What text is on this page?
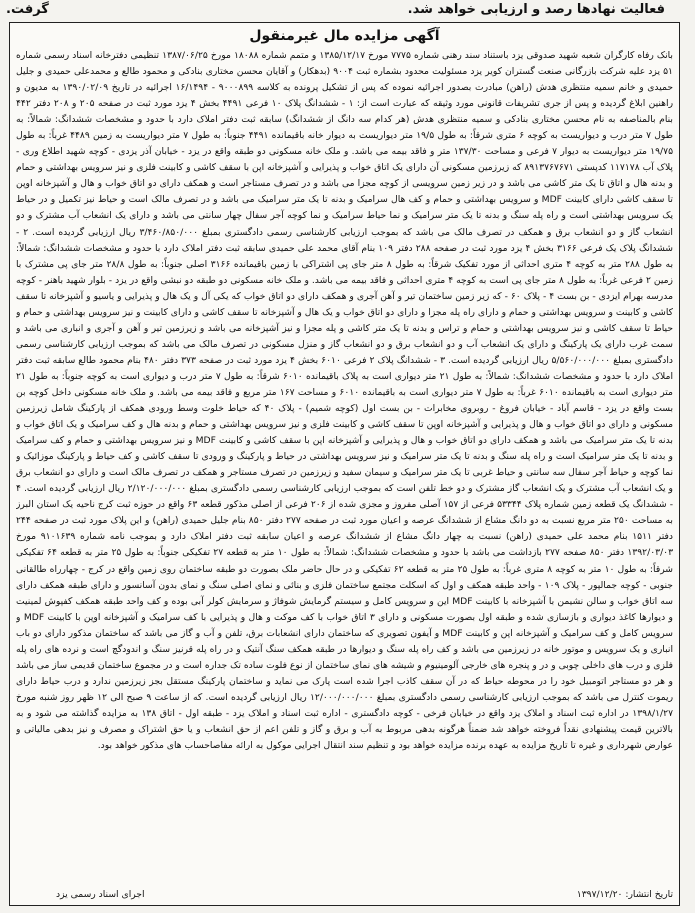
فعالیت نهادها رصد و ارزیابی خواهد شد.
گرفت.
آگهی مزایده مال غیرمنقول

بانک رفاه کارگران شعبه شهید صدوقی یزد باستناد سند رهنی شماره ۷۷۷۵ مورخ ۱۳۸۵/۱۲/۱۷ و متمم شماره ۱۸۰۸۸ مورخ ۱۳۸۷/۰۶/۲۵ تنظیمی دفترخانه اسناد رسمی شماره ۵۱ یزد علیه شرکت بازرگانی صنعت گستران کویر یزد مسئولیت محدود بشماره ثبت ۹۰۰۴ (بدهکار) و آقایان محسن مختاری بنادکی و محمود طالع و محمدعلی حمیدی و جلیل حمیدی و خانم سمیه منتظری هدش (راهن) مبادرت بصدور اجرائیه نموده که پس از تشکیل پرونده به کلاسه ۹۰۰۰۸۹۹ - ۱۶/۱۴۹۴ اجرائیه در تاریخ ۱۳۹۰/۰۲/۰۹ به مدیون و راهنین ابلاغ گردیده و پس از جری تشریفات قانونی مورد وثیقه که عبارت است از: ۱ - ششدانگ پلاک ۱۰ فرعی ۴۴۹۱ بخش ۴ یزد مورد ثبت در صفحه ۲۰۵ و ۲۰۸ دفتر ۴۴۲ بنام بالمناصفه به نام محسن مختاری بنادکی و سمیه منتظری هدش (هر کدام سه دانگ از ششدانگ) سابقه ثبت دفتر املاک دارد با حدود و مشخصات ششدانگ: شمالاً: به طول ۷ متر درب و دیواریست به کوچه ۶ متری شرقاً: به طول ۱۹/۵ متر دیواریست به دیوار خانه باقیمانده ۴۴۹۱ جنوباً: به طول ۷ متر دیواریست به زمین ۴۴۸۹ غرباً: به طول ۱۹/۷۵ متر دیواریست به دیوار ۷ فرعی و مساحت ۱۳۷/۳۰ متر و فاقد بیمه می باشد. و ملک خانه مسکونی دو طبقه واقع در یزد - خیابان آذر یزدی - کوچه شهید اطلاع وری - پلاک آب ۱۱۷۱۷۸ کدپستی ۸۹۱۳۷۶۷۶۷۱ که زیرزمین مسکونی آن دارای یک اتاق خواب و پذیرایی و آشپزخانه اپن با سقف کاشی و کابینت فلزی و نیز سرویس بهداشتی و حمام و بدنه هال و اتاق تا یک متر کاشی می باشد و در زیر زمین سرویسی از کوچه مجزا می باشد و در تصرف مستاجر است و همکف دارای دو اتاق خواب و هال و آشپزخانه اوپن تا سقف کاشی دارای کابینت MDF و سرویس بهداشتی و حمام و کف هال سرامیک و بدنه تا یک متر سرامیک می باشد و در تصرف مالک است و حیاط نیز تکمیل و در حیاط یک سرویس بهداشتی است و راه پله سنگ و بدنه تا یک متر سرامیک و نما حیاط سرامیک و نما کوچه آجر سفال چهار سانتی می باشد و دارای یک انشعاب آب مشترک و دو انشعاب گاز و دو انشعاب برق و همکف در تصرف مالک می باشد که بموجب ارزیابی کارشناسی رسمی دادگستری بمبلغ ۳/۴۶۰/۸۵۰/۰۰۰ ریال ارزیابی گردیده است. ۲ - ششدانگ پلاک یک فرعی ۳۱۶۶ بخش ۴ یزد مورد ثبت در صفحه ۲۸۸ دفتر ۱۰۹ بنام آقای محمد علی حمیدی سابقه ثبت دفتر املاک دارد با حدود و مشخصات ششدانگ: شمالاً: به طول ۲۸۸ متر به کوچه ۴ متری احداثی از مورد تفکیک شرقاً: به طول ۸ متر جای پی اشتراکی با زمین باقیمانده ۳۱۶۶ اصلی جنوباً: به طول ۲۸/۸ متر جای پی مشترک با زمین ۲ فرعی غرباً: به طول ۸ متر جای پی است به کوچه ۴ متری احداثی و فاقد بیمه می باشد. و ملک خانه مسکونی دو طبقه دو نبشی واقع در یزد - بلوار شهید باهنر - کوچه مدرسه بهرام ایزدی - بن بست ۴ - پلاک ۶۰ - که زیر زمین ساختمان تیر و آهن آجری و همکف دارای دو اتاق خواب که یکی آل و یک هال و پذیرایی و یاسیو و آشپزخانه تا سقف کاشی و کابینت و سرویس بهداشتی و حمام و دارای راه پله مجزا و دارای دو اتاق خواب و یک هال و آشپزخانه تا سقف کاشی و دارای کابینت و نیز سرویس بهداشتی و حمام و حیاط تا سقف کاشی و نیز سرویس بهداشتی و حمام و تراس و بدنه تا یک متر کاشی و پله مجزا و نیز آشپزخانه می باشد و زیرزمین تیر و آهن و آجری و انباری می باشد و سمت غرب دارای یک پارکینگ و دارای یک انشعاب آب و دو انشعاب برق و دو انشعاب گاز و منزل مسکونی در تصرف مالک می باشد که بموجب ارزیابی کارشناسی رسمی دادگستری بمبلغ ۵/۵۶۰/۰۰۰/۰۰۰ ریال ارزیابی گردیده است. ۳ - ششدانگ پلاک ۲ فرعی ۶۰۱۰ بخش ۴ یزد مورد ثبت در صفحه ۳۷۳ دفتر ۴۸۰ بنام محمود طالع سابقه ثبت دفتر املاک دارد با حدود و مشخصات ششدانگ: شمالاً: به طول ۲۱ متر دیواری است به پلاک باقیمانده ۶۰۱۰ شرقاً: به طول ۷ متر درب و دیواری است به کوچه جنوباً: به طول ۲۱ متر دیواری است به باقیمانده ۶۰۱۰ غرباً: به طول ۷ متر دیواری است به باقیمانده ۶۰۱۰ و مساحت ۱۶۷ متر مربع و فاقد بیمه می باشد. و ملک خانه مسکونی داخل کوچه بن بست واقع در یزد - قاسم آباد - خیابان فروغ - روبروی مخابرات - بن بست اول (کوچه شمیم) - پلاک ۴۰ که حیاط خلوت وسط ورودی همکف از پارکینگ شامل زیرزمین مسکونی و دارای دو اتاق خواب و هال و پذیرایی و آشپزخانه اوپن تا سقف کاشی و کابینت فلزی و نیز سرویس بهداشتی و حمام و بدنه هال و کف سرامیک و یک اتاق خواب و بدنه تا یک متر سرامیک می باشد و همکف دارای دو اتاق خواب و هال و پذیرایی و آشپزخانه اپن با سقف کاشی و کابینت MDF و نیز سرویس بهداشتی و حمام و کف سرامیک و بدنه تا یک متر سرامیک است و راه پله سنگ و بدنه تا یک متر سرامیک و نیز سرویس بهداشتی در حیاط و پارکینگ و ورودی تا سقف کاشی و کف حیاط و پارکینگ موزائیک و نما کوچه و حیاط آجر سفال سه سانتی و حیاط غربی تا یک متر سرامیک و سیمان سفید و زیرزمین در تصرف مستاجر و همکف در تصرف مالک است و دارای دو انشعاب برق و یک انشعاب آب مشترک و یک انشعاب گاز مشترک و دو خط تلفن است که بموجب ارزیابی کارشناسی رسمی دادگستری بمبلغ ۲/۱۲۰/۰۰۰/۰۰۰ ریال ارزیابی گردیده است. ۴ - ششدانگ یک قطعه زمین شماره پلاک ۵۳۳۴۴ فرعی از ۱۵۷ آصلی مفروز و مجزی شده از ۲۰۶ فرعی از اصلی مذکور قطعه ۶۳ واقع در حوزه ثبت کرج ناحیه یک استان البرز به مساحت ۲۵۰ متر مربع نسبت به دو دانگ مشاع از ششدانگ عرصه و اعیان مورد ثبت در صفحه ۲۷۷ دفتر ۸۵۰ بنام جلیل حمیدی (راهن) و این پلاک مورد ثبت در صفحه ۲۴۴ دفتر ۱۵۱۱ بنام محمد علی حمیدی (راهن) نسبت به چهار دانگ مشاع از ششدانگ عرصه و اعیان سابقه ثبت دفتر املاک دارد و بموجب نامه شماره ۹۱۰۱۶۳۹ مورخ ۱۳۹۲/۰۳/۰۳ دفتر ۸۵۰ صفحه ۲۷۷ بازداشت می باشد با حدود و مشخصات ششدانگ: شمالاً: به طول ۱۰ متر به قطعه ۲۷ تفکیکی جنوباً: به طول ۲۵ متر به قطعه ۶۴ تفکیکی شرقاً: به طول ۱۰ متر به کوچه ۸ متری غرباً: به طول ۲۵ متر به قطعه ۶۲ تفکیکی و در حال حاضر ملک بصورت دو طبقه ساختمان روی زمین واقع در کرج - چهارراه طالقانی جنوبی - کوچه جمالپور - پلاک ۱۰۹ - واحد طبقه همکف و اول که اسکلت مجتمع ساختمان فلزی و بنائی و نمای اصلی سنگ و نمای بدون آسانسور و دارای طبقه همکف دارای سه اتاق خواب و سالن نشیمن با آشپزخانه با کابینت MDF این و سرویس کامل و سیستم گرمایش شوفاژ و سرمایش کولر آبی بوده و کف واحد طبقه همکف کفپوش لمینیت و دیوارها کاغذ دیواری و بازسازی شده و طبقه اول بصورت مسکونی و دارای ۳ اتاق خواب با کف موکت و هال و پذیرایی با کف سرامیک و آشپزخانه اوپن با کابینت MDF و سرویس کامل و کف سرامیک و آشپزخانه اپن و کابینت MDF و آیفون تصویری که ساختمان دارای انشعابات برق، تلفن و آب و گاز می باشد که ساختمان مذکور دارای دو باب انباری و یک سرویس و موتور خانه در زیرزمین می باشد و کف راه پله سنگ و دیوارها در طبقه همکف سنگ آنتیک و در راه پله قرنیز سنگ و اندودگچ است و نرده های راه پله فلزی و درب های داخلی چوبی و در و پنجره های خارجی آلومینیوم و شیشه های نمای ساختمان از نوع فلوت ساده تک جداره است و در مجموع ساختمان قدیمی ساز می باشد و هر دو مستاجر اتومبیل خود را در محوطه حیاط که در آن سقف کاذب اجرا شده است پارک می نماید و ساختمان پارکینگ مستقل بجز زیرزمین ندارد و درب حیاط دارای ریموت کنترل می باشد که بموجب ارزیابی کارشناسی رسمی دادگستری بمبلغ ۱۲/۰۰۰/۰۰۰/۰۰۰ ریال ارزیابی گردیده است. که از ساعت ۹ صبح الی ۱۲ ظهر روز شنبه مورخ ۱۳۹۸/۱/۲۷ در اداره ثبت اسناد و املاک یزد واقع در خیابان فرخی - کوچه دادگستری - اداره ثبت اسناد و املاک یزد - طبقه اول - اتاق ۱۳۸ به مزایده گذاشته می شود و به بالاترین قیمت پیشنهادی نقداً فروخته خواهد شد ضمناً هرگونه بدهی مربوط به آب و برق و گاز و تلفن اعم از حق انشعاب و یا حق اشتراک و مصرف و نیز بدهی مالیاتی و عوارض شهرداری و غیره تا تاریخ مزایده به عهده برنده مزایده خواهد بود و تنظیم سند انتقال اجرایی موکول به ارائه مفاصاحساب های مذکور خواهد بود.

تاریخ انتشار: ۱۳۹۷/۱۲/۲۰
اجرای اسناد رسمی یزد
